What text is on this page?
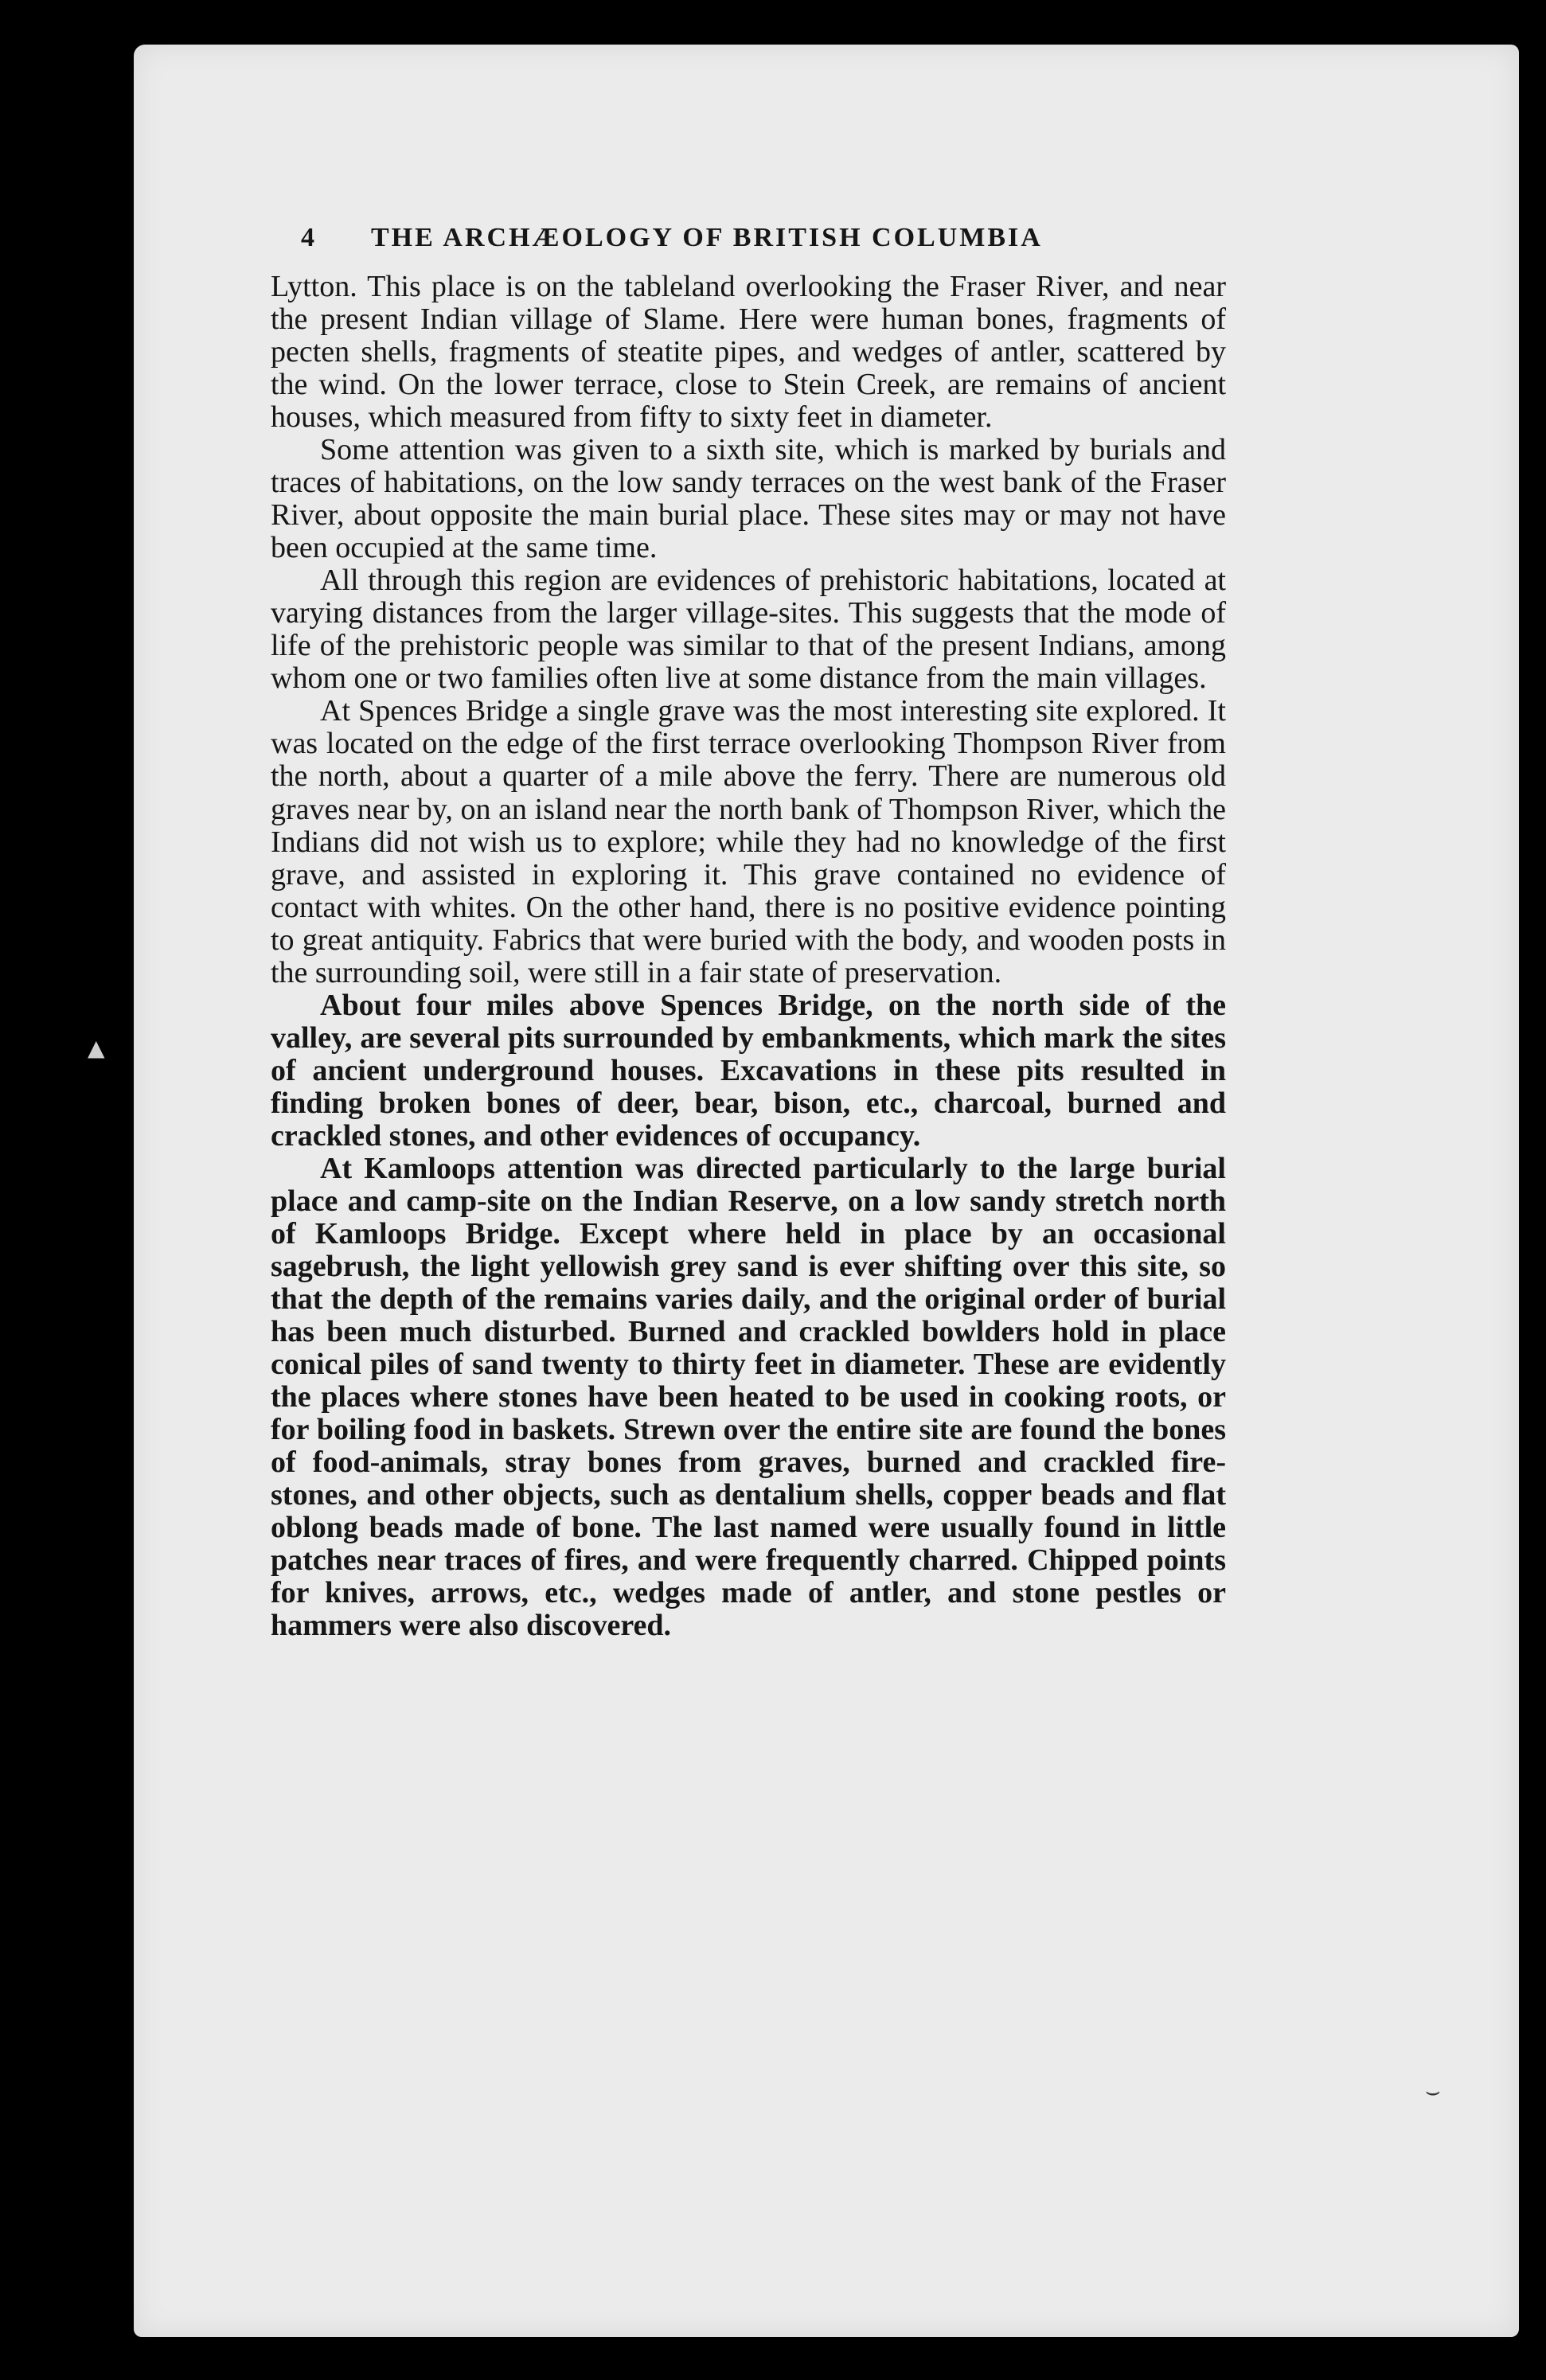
4 THE ARCHÆOLOGY OF BRITISH COLUMBIA

Lytton. This place is on the tableland overlooking the Fraser River, and near the present Indian village of Slame. Here were human bones, fragments of pecten shells, fragments of steatite pipes, and wedges of antler, scattered by the wind. On the lower terrace, close to Stein Creek, are remains of ancient houses, which measured from fifty to sixty feet in diameter.

Some attention was given to a sixth site, which is marked by burials and traces of habitations, on the low sandy terraces on the west bank of the Fraser River, about opposite the main burial place. These sites may or may not have been occupied at the same time.

All through this region are evidences of prehistoric habitations, located at varying distances from the larger village-sites. This suggests that the mode of life of the prehistoric people was similar to that of the present Indians, among whom one or two families often live at some distance from the main villages.

At Spences Bridge a single grave was the most interesting site explored. It was located on the edge of the first terrace overlooking Thompson River from the north, about a quarter of a mile above the ferry. There are numerous old graves near by, on an island near the north bank of Thompson River, which the Indians did not wish us to explore; while they had no knowledge of the first grave, and assisted in exploring it. This grave contained no evidence of contact with whites. On the other hand, there is no positive evidence pointing to great antiquity. Fabrics that were buried with the body, and wooden posts in the surrounding soil, were still in a fair state of preservation.

About four miles above Spences Bridge, on the north side of the valley, are several pits surrounded by embankments, which mark the sites of ancient underground houses. Excavations in these pits resulted in finding broken bones of deer, bear, bison, etc., charcoal, burned and crackled stones, and other evidences of occupancy.

At Kamloops attention was directed particularly to the large burial place and camp-site on the Indian Reserve, on a low sandy stretch north of Kamloops Bridge. Except where held in place by an occasional sagebrush, the light yellowish grey sand is ever shifting over this site, so that the depth of the remains varies daily, and the original order of burial has been much disturbed. Burned and crackled bowlders hold in place conical piles of sand twenty to thirty feet in diameter. These are evidently the places where stones have been heated to be used in cooking roots, or for boiling food in baskets. Strewn over the entire site are found the bones of food-animals, stray bones from graves, burned and crackled fire-stones, and other objects, such as dentalium shells, copper beads and flat oblong beads made of bone. The last named were usually found in little patches near traces of fires, and were frequently charred. Chipped points for knives, arrows, etc., wedges made of antler, and stone pestles or hammers were also discovered.

▲
⌣
